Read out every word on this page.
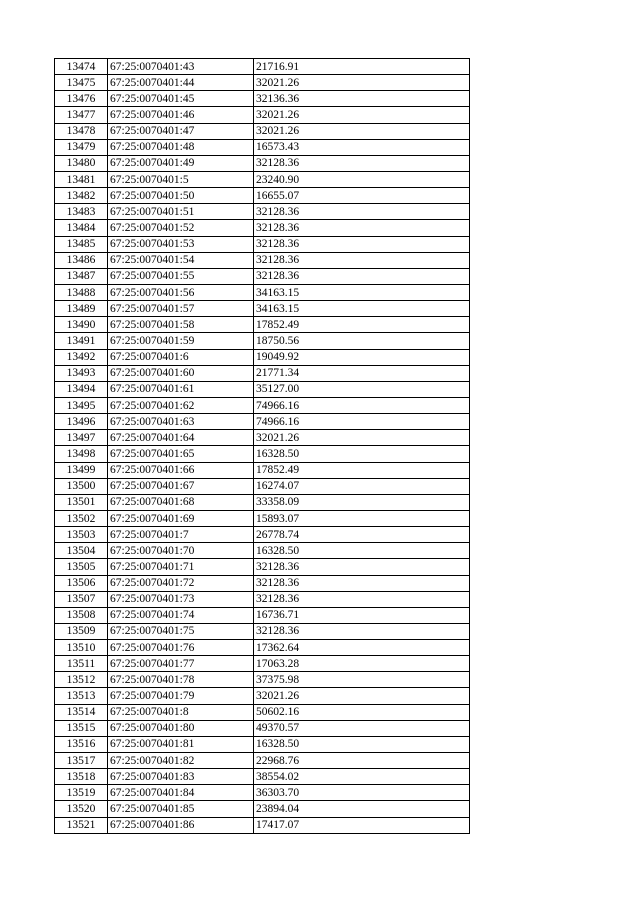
13474	67:25:0070401:43	21716.91
13475	67:25:0070401:44	32021.26
13476	67:25:0070401:45	32136.36
13477	67:25:0070401:46	32021.26
13478	67:25:0070401:47	32021.26
13479	67:25:0070401:48	16573.43
13480	67:25:0070401:49	32128.36
13481	67:25:0070401:5	23240.90
13482	67:25:0070401:50	16655.07
13483	67:25:0070401:51	32128.36
13484	67:25:0070401:52	32128.36
13485	67:25:0070401:53	32128.36
13486	67:25:0070401:54	32128.36
13487	67:25:0070401:55	32128.36
13488	67:25:0070401:56	34163.15
13489	67:25:0070401:57	34163.15
13490	67:25:0070401:58	17852.49
13491	67:25:0070401:59	18750.56
13492	67:25:0070401:6	19049.92
13493	67:25:0070401:60	21771.34
13494	67:25:0070401:61	35127.00
13495	67:25:0070401:62	74966.16
13496	67:25:0070401:63	74966.16
13497	67:25:0070401:64	32021.26
13498	67:25:0070401:65	16328.50
13499	67:25:0070401:66	17852.49
13500	67:25:0070401:67	16274.07
13501	67:25:0070401:68	33358.09
13502	67:25:0070401:69	15893.07
13503	67:25:0070401:7	26778.74
13504	67:25:0070401:70	16328.50
13505	67:25:0070401:71	32128.36
13506	67:25:0070401:72	32128.36
13507	67:25:0070401:73	32128.36
13508	67:25:0070401:74	16736.71
13509	67:25:0070401:75	32128.36
13510	67:25:0070401:76	17362.64
13511	67:25:0070401:77	17063.28
13512	67:25:0070401:78	37375.98
13513	67:25:0070401:79	32021.26
13514	67:25:0070401:8	50602.16
13515	67:25:0070401:80	49370.57
13516	67:25:0070401:81	16328.50
13517	67:25:0070401:82	22968.76
13518	67:25:0070401:83	38554.02
13519	67:25:0070401:84	36303.70
13520	67:25:0070401:85	23894.04
13521	67:25:0070401:86	17417.07
